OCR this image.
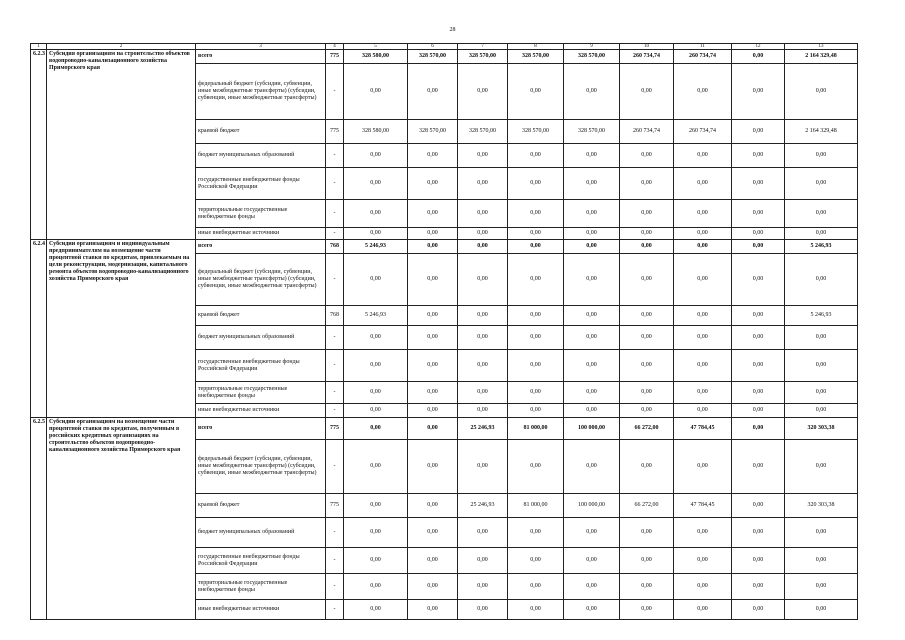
28
1	2	3	4	5	6	7	8	9	10	11	12	13
6.2.3	Субсидия организациям на строительство объектов водопроводно-канализационного хозяйства Приморского края	всего	775	328 580,00	328 570,00	328 570,00	328 570,00	328 570,00	260 734,74	260 734,74	0,00	2 164 329,48
		федеральный бюджет (субсидии, субвенции, иные межбюджетные трансферты) (субсидии, субвенции, иные межбюджетные трансферты)	-	0,00	0,00	0,00	0,00	0,00	0,00	0,00	0,00	0,00
		краевой бюджет	775	328 580,00	328 570,00	328 570,00	328 570,00	328 570,00	260 734,74	260 734,74	0,00	2 164 329,48
		бюджет муниципальных образований	-	0,00	0,00	0,00	0,00	0,00	0,00	0,00	0,00	0,00
		государственные внебюджетные фонды Российской Федерации	-	0,00	0,00	0,00	0,00	0,00	0,00	0,00	0,00	0,00
		территориальные государственные внебюджетные фонды	-	0,00	0,00	0,00	0,00	0,00	0,00	0,00	0,00	0,00
		иные внебюджетные источники	-	0,00	0,00	0,00	0,00	0,00	0,00	0,00	0,00	0,00
6.2.4	Субсидии организациям и индивидуальным предпринимателям на возмещение части процентной ставки по кредитам, привлекаемым на цели реконструкции, модернизации, капитального ремонта объектов водопроводно-канализационного хозяйства Приморского края	всего	768	5 246,93	0,00	0,00	0,00	0,00	0,00	0,00	0,00	5 246,93
		федеральный бюджет (субсидии, субвенции, иные межбюджетные трансферты) (субсидии, субвенции, иные межбюджетные трансферты)	-	0,00	0,00	0,00	0,00	0,00	0,00	0,00	0,00	0,00
		краевой бюджет	768	5 246,93	0,00	0,00	0,00	0,00	0,00	0,00	0,00	5 246,93
		бюджет муниципальных образований	-	0,00	0,00	0,00	0,00	0,00	0,00	0,00	0,00	0,00
		государственные внебюджетные фонды Российской Федерации	-	0,00	0,00	0,00	0,00	0,00	0,00	0,00	0,00	0,00
		территориальные государственные внебюджетные фонды	-	0,00	0,00	0,00	0,00	0,00	0,00	0,00	0,00	0,00
		иные внебюджетные источники	-	0,00	0,00	0,00	0,00	0,00	0,00	0,00	0,00	0,00
6.2.5	Субсидии организациям на возмещение части процентной ставки по кредитам, полученным в российских кредитных организациях на строительство объектов водопроводно-канализационного хозяйства Приморского края	всего	775	0,00	0,00	25 246,93	81 000,00	100 000,00	66 272,00	47 784,45	0,00	320 303,38
		федеральный бюджет (субсидии, субвенции, иные межбюджетные трансферты) (субсидии, субвенции, иные межбюджетные трансферты)	-	0,00	0,00	0,00	0,00	0,00	0,00	0,00	0,00	0,00
		краевой бюджет	775	0,00	0,00	25 246,93	81 000,00	100 000,00	66 272,00	47 784,45	0,00	320 303,38
		бюджет муниципальных образований	-	0,00	0,00	0,00	0,00	0,00	0,00	0,00	0,00	0,00
		государственные внебюджетные фонды Российской Федерации	-	0,00	0,00	0,00	0,00	0,00	0,00	0,00	0,00	0,00
		территориальные государственные внебюджетные фонды	-	0,00	0,00	0,00	0,00	0,00	0,00	0,00	0,00	0,00
		иные внебюджетные источники	-	0,00	0,00	0,00	0,00	0,00	0,00	0,00	0,00	0,00
